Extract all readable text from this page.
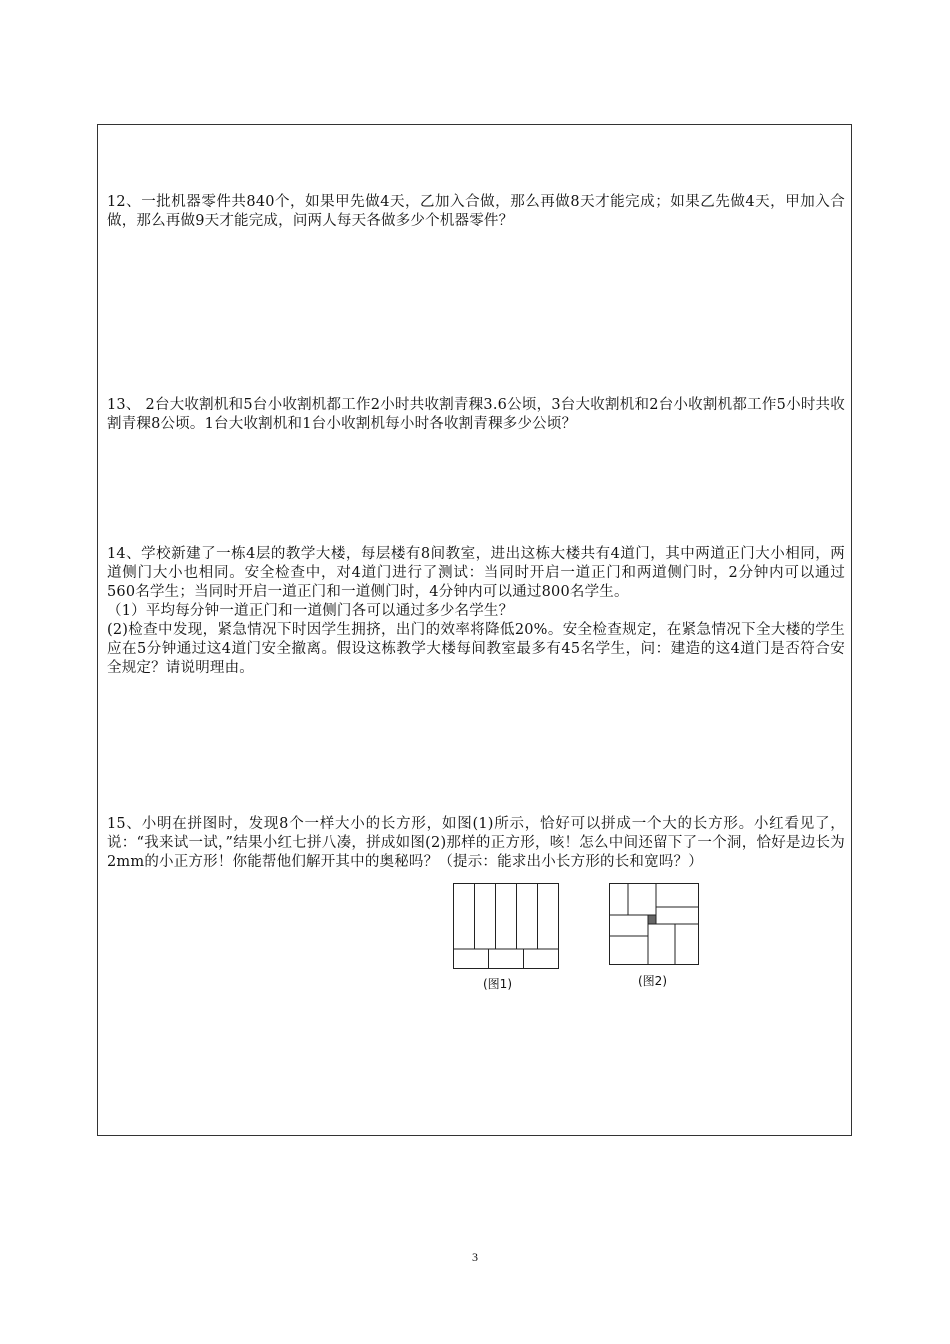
12、一批机器零件共840个，如果甲先做4天，乙加入合做，那么再做8天才能完成；如果乙先做4天，甲加入合做，那么再做9天才能完成，问两人每天各做多少个机器零件？

13、 2台大收割机和5台小收割机都工作2小时共收割青稞3.6公顷，3台大收割机和2台小收割机都工作5小时共收割青稞8公顷。1台大收割机和1台小收割机每小时各收割青稞多少公顷？

14、学校新建了一栋4层的教学大楼，每层楼有8间教室，进出这栋大楼共有4道门，其中两道正门大小相同，两道侧门大小也相同。安全检查中，对4道门进行了测试：当同时开启一道正门和两道侧门时，2分钟内可以通过560名学生；当同时开启一道正门和一道侧门时，4分钟内可以通过800名学生。

（1）平均每分钟一道正门和一道侧门各可以通过多少名学生？

(2)检查中发现，紧急情况下时因学生拥挤，出门的效率将降低20%。安全检查规定，在紧急情况下全大楼的学生应在5分钟通过这4道门安全撤离。假设这栋教学大楼每间教室最多有45名学生，问：建造的这4道门是否符合安全规定？请说明理由。

15、小明在拼图时，发现8个一样大小的长方形，如图(1)所示，恰好可以拼成一个大的长方形。小红看见了，说：“我来试一试，”结果小红七拼八凑，拼成如图(2)那样的正方形，咳！怎么中间还留下了一个洞，恰好是边长为2mm的小正方形！你能帮他们解开其中的奥秘吗？（提示：能求出小长方形的长和宽吗？）

(图1)	(图2)
3
